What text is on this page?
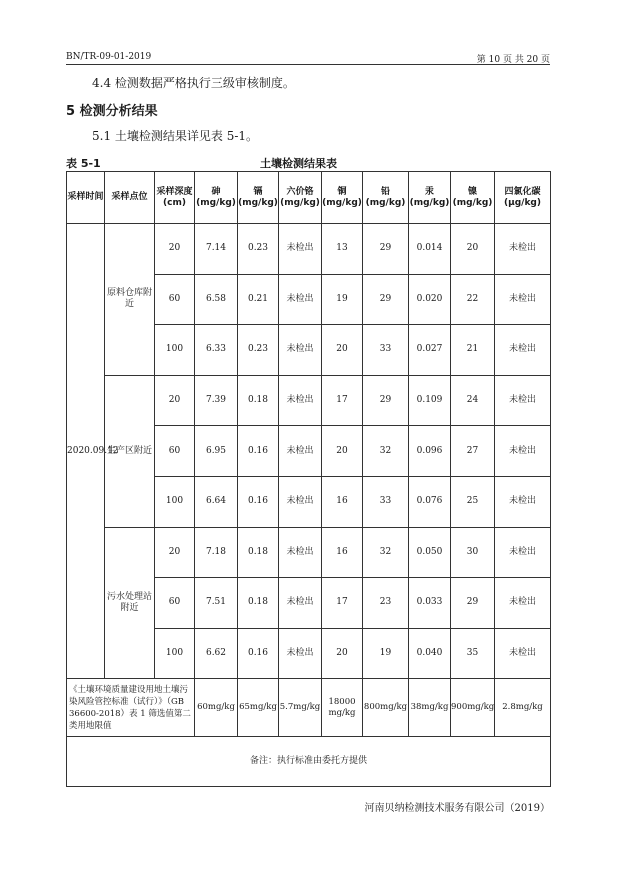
BN/TR-09-01-2019	第 10 页 共 20 页
4.4 检测数据严格执行三级审核制度。
5 检测分析结果
5.1 土壤检测结果详见表 5-1。
表 5-1	土壤检测结果表
采样时间	采样点位	采样深度(cm)	砷(mg/kg)	镉(mg/kg)	六价铬(mg/kg)	铜(mg/kg)	铅(mg/kg)	汞(mg/kg)	镍(mg/kg)	四氯化碳(μg/kg)
2020.09.12	原料仓库附近	20	7.14	0.23	未检出	13	29	0.014	20	未检出
		60	6.58	0.21	未检出	19	29	0.020	22	未检出
		100	6.33	0.23	未检出	20	33	0.027	21	未检出
	生产区附近	20	7.39	0.18	未检出	17	29	0.109	24	未检出
		60	6.95	0.16	未检出	20	32	0.096	27	未检出
		100	6.64	0.16	未检出	16	33	0.076	25	未检出
	污水处理站附近	20	7.18	0.18	未检出	16	32	0.050	30	未检出
		60	7.51	0.18	未检出	17	23	0.033	29	未检出
		100	6.62	0.16	未检出	20	19	0.040	35	未检出
《土壤环境质量建设用地土壤污染风险管控标准（试行）》（GB 36600-2018）表 1 筛选值第二类用地限值			60mg/kg	65mg/kg	5.7mg/kg	18000 mg/kg	800mg/kg	38mg/kg	900mg/kg	2.8mg/kg
备注：执行标准由委托方提供										
河南贝纳检测技术服务有限公司（2019）
